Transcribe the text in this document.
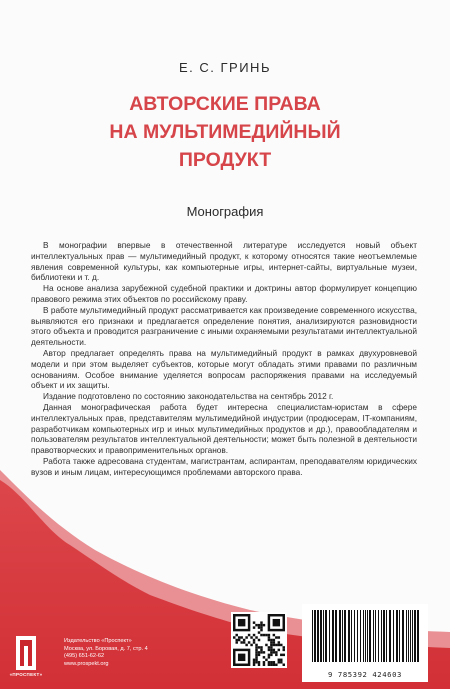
Е. С. ГРИНЬ
АВТОРСКИЕ ПРАВА
НА МУЛЬТИМЕДИЙНЫЙ
ПРОДУКТ
Монография

В монографии впервые в отечественной литературе исследуется новый объект интеллектуальных прав — мультимедийный продукт, к которому относятся такие неотъемлемые явления современной культуры, как компьютерные игры, интернет-сайты, виртуальные музеи, библиотеки и т. д.

На основе анализа зарубежной судебной практики и доктрины автор формулирует концепцию правового режима этих объектов по российскому праву.

В работе мультимедийный продукт рассматривается как произведение современного искусства, выявляются его признаки и предлагается определение понятия, анализируются разновидности этого объекта и проводится разграничение с иными охраняемыми результатами интеллектуальной деятельности.

Автор предлагает определять права на мультимедийный продукт в рамках двухуровневой модели и при этом выделяет субъектов, которые могут обладать этими правами по различным основаниям. Особое внимание уделяется вопросам распоряжения правами на исследуемый объект и их защиты.

Издание подготовлено по состоянию законодательства на сентябрь 2012 г.

Данная монографическая работа будет интересна специалистам-юристам в сфере интеллектуальных прав, представителям мультимедийной индустрии (продюсерам, IT-компаниям, разработчикам компьютерных игр и иных мультимедийных продуктов и др.), правообладателям и пользователям результатов интеллектуальной деятельности; может быть полезной в деятельности правотворческих и правоприменительных органов.

Работа также адресована студентам, магистрантам, аспирантам, преподавателям юридических вузов и иным лицам, интересующимся проблемами авторского права.

«ПРОСПЕКТ»
Издательство «Проспект»
Москва, ул. Боровая, д. 7, стр. 4
(495) 651-62-62
www.prospekt.org
9 785392 424603
